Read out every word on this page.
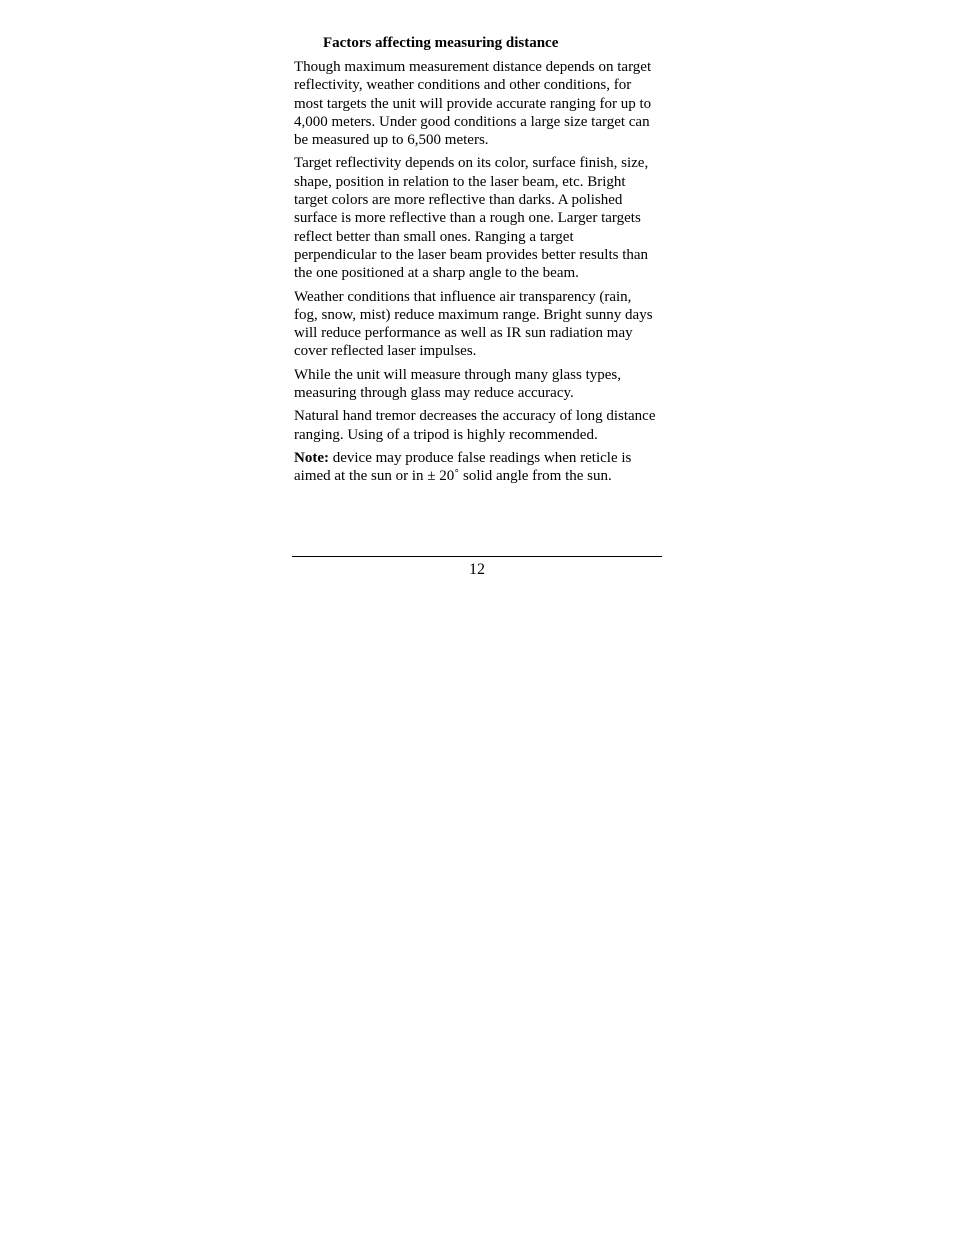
Factors affecting measuring distance

Though maximum measurement distance depends on target reflectivity, weather conditions and other conditions, for most targets the unit will provide accurate ranging for up to 4,000 meters. Under good conditions a large size target can be measured up to 6,500 meters.

Target reflectivity depends on its color, surface finish, size, shape, position in relation to the laser beam, etc. Bright target colors are more reflective than darks. A polished surface is more reflective than a rough one. Larger targets reflect better than small ones. Ranging a target perpendicular to the laser beam provides better results than the one positioned at a sharp angle to the beam.

Weather conditions that influence air transparency (rain, fog, snow, mist) reduce maximum range. Bright sunny days will reduce performance as well as IR sun radiation may cover reflected laser impulses.

While the unit will measure through many glass types, measuring through glass may reduce accuracy.

Natural hand tremor decreases the accuracy of long distance ranging. Using of a tripod is highly recommended.

Note: device may produce false readings when reticle is aimed at the sun or in ± 20˚ solid angle from the sun.

12
